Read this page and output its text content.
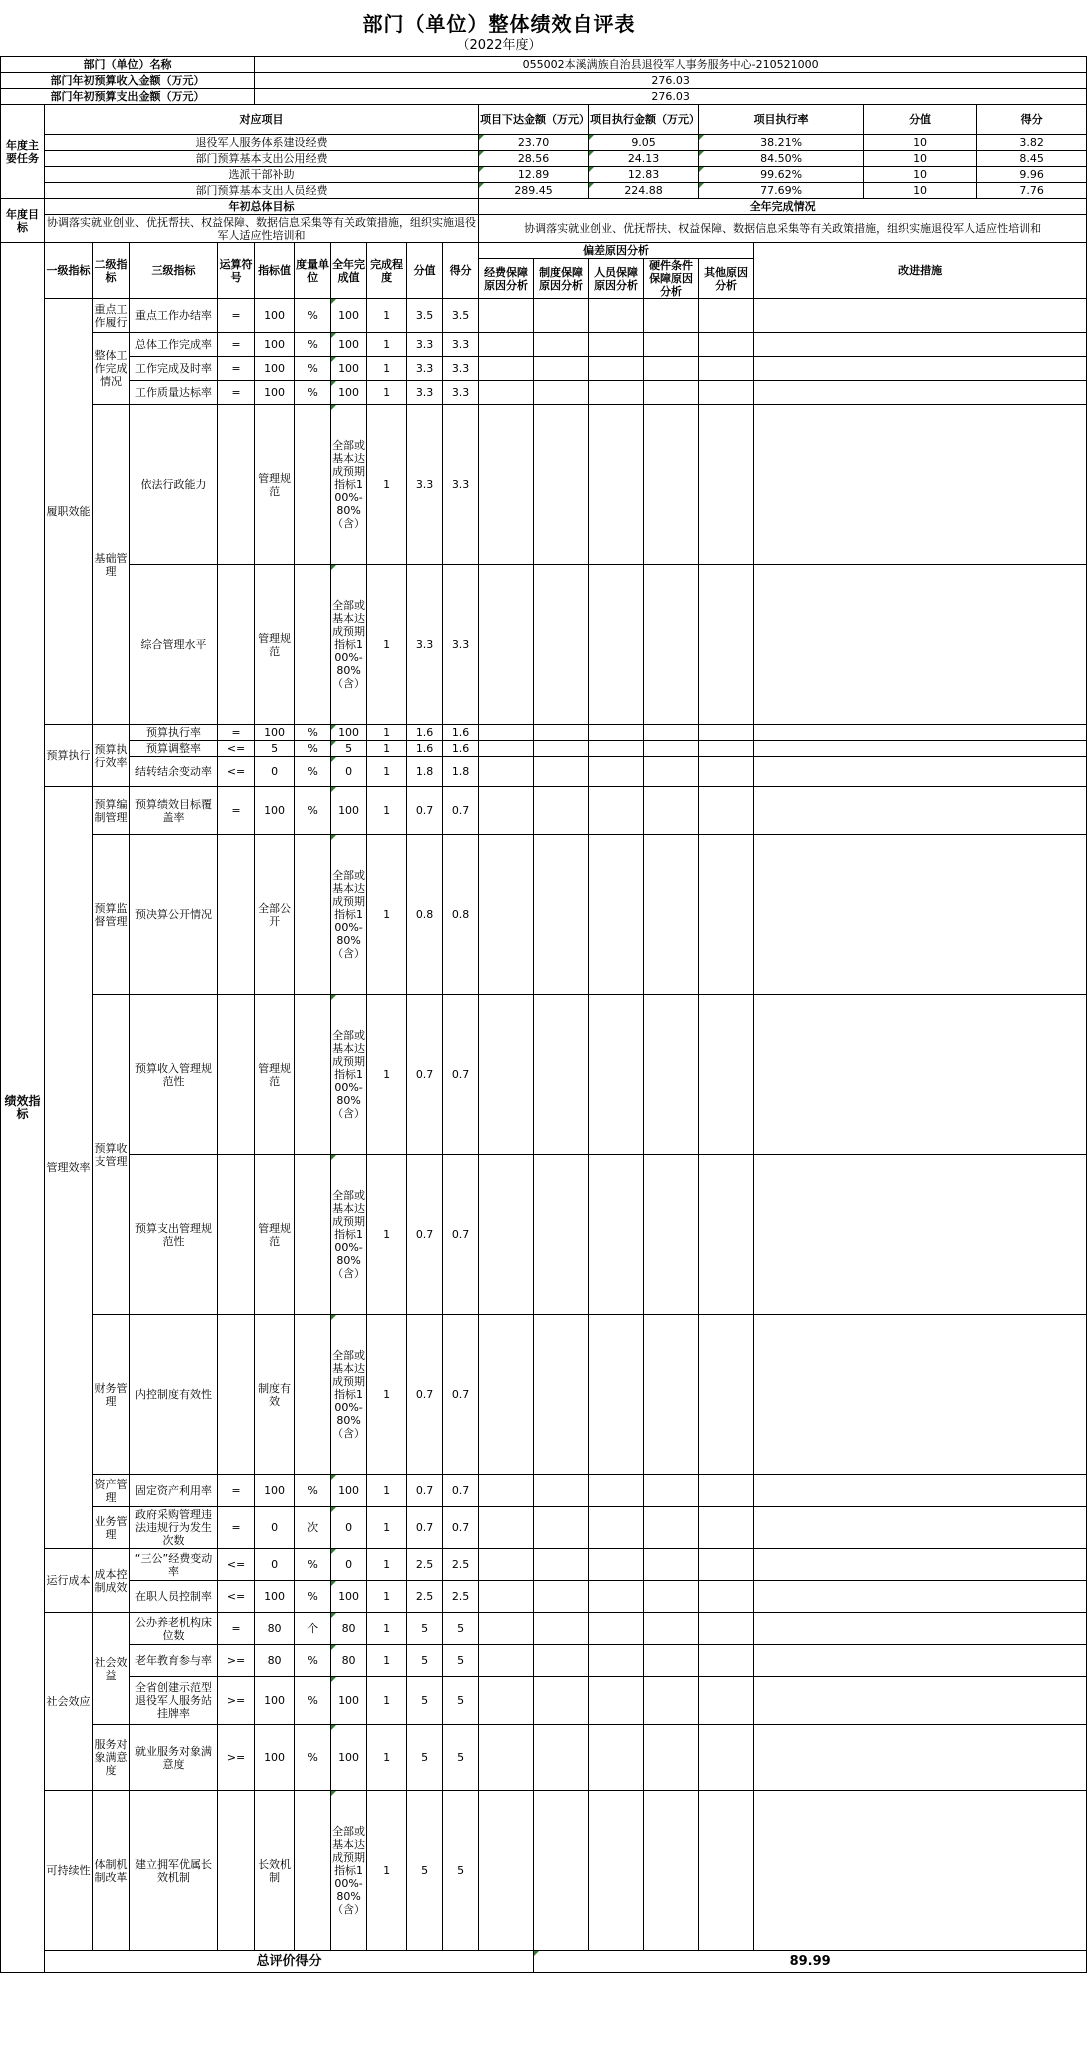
部门（单位）整体绩效自评表
（2022年度）
部门（单位）名称					055002本溪满族自治县退役军人事务服务中心-210521000													
部门年初预算收入金额（万元）					276.03													
部门年初预算支出金额（万元）					276.03													
年度主要任务	对应项目										项目下达金额（万元）		项目执行金额（万元）		项目执行率		分值	得分
	退役军人服务体系建设经费										23.70		9.05		38.21%		10	3.82
	部门预算基本支出公用经费										28.56		24.13		84.50%		10	8.45
	选派干部补助										12.89		12.83		99.62%		10	9.96
	部门预算基本支出人员经费										289.45		224.88		77.69%		10	7.76
年度目标	年初总体目标										全年完成情况							
	协调落实就业创业、优抚帮扶、权益保障、数据信息采集等有关政策措施，组织实施退役军人适应性培训和										协调落实就业创业、优抚帮扶、权益保障、数据信息采集等有关政策措施，组织实施退役军人适应性培训和							
绩效指标	一级指标	二级指标	三级指标	运算符号	指标值	度量单位	全年完成值	完成程度	分值	得分	偏差原因分析					改进措施		
											经费保障原因分析	制度保障原因分析	人员保障原因分析	硬件条件保障原因分析	其他原因分析			
	履职效能	重点工作履行	重点工作办结率	=	100	%	100	1	3.5	3.5								
		整体工作完成情况	总体工作完成率	=	100	%	100	1	3.3	3.3								
			工作完成及时率	=	100	%	100	1	3.3	3.3								
			工作质量达标率	=	100	%	100	1	3.3	3.3								
		基础管理	依法行政能力		管理规范		全部或基本达成预期指标100%-80%（含）	1	3.3	3.3								
			综合管理水平		管理规范		全部或基本达成预期指标100%-80%（含）	1	3.3	3.3								
	预算执行	预算执行效率	预算执行率	=	100	%	100	1	1.6	1.6								
			预算调整率	<=	5	%	5	1	1.6	1.6								
			结转结余变动率	<=	0	%	0	1	1.8	1.8								
	管理效率	预算编制管理	预算绩效目标覆盖率	=	100	%	100	1	0.7	0.7								
		预算监督管理	预决算公开情况		全部公开		全部或基本达成预期指标100%-80%（含）	1	0.8	0.8								
		预算收支管理	预算收入管理规范性		管理规范		全部或基本达成预期指标100%-80%（含）	1	0.7	0.7								
			预算支出管理规范性		管理规范		全部或基本达成预期指标100%-80%（含）	1	0.7	0.7								
		财务管理	内控制度有效性		制度有效		全部或基本达成预期指标100%-80%（含）	1	0.7	0.7								
		资产管理	固定资产利用率	=	100	%	100	1	0.7	0.7								
		业务管理	政府采购管理违法违规行为发生次数	=	0	次	0	1	0.7	0.7								
	运行成本	成本控制成效	“三公”经费变动率	<=	0	%	0	1	2.5	2.5								
			在职人员控制率	<=	100	%	100	1	2.5	2.5								
	社会效应	社会效益	公办养老机构床位数	=	80	个	80	1	5	5								
			老年教育参与率	>=	80	%	80	1	5	5								
			全省创建示范型退役军人服务站挂牌率	>=	100	%	100	1	5	5								
		服务对象满意度	就业服务对象满意度	>=	100	%	100	1	5	5								
	可持续性	体制机制改革	建立拥军优属长效机制		长效机制		全部或基本达成预期指标100%-80%（含）	1	5	5								
	总评价得分											89.99						
